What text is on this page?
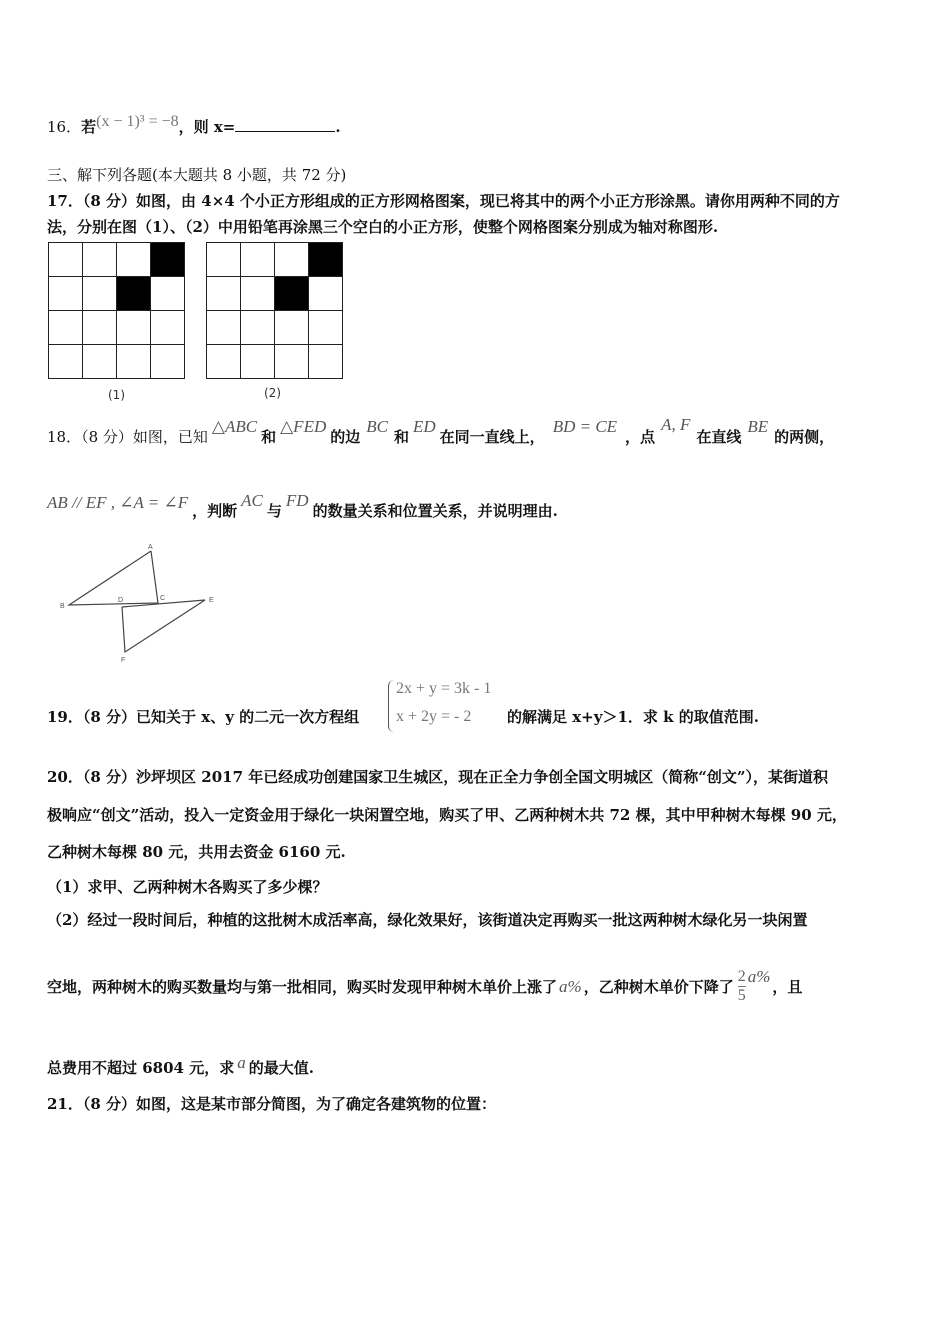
16．若(x − 1)³ = −8，则 x=	.
三、解下列各题(本大题共 8 小题，共 72 分)
17．（8 分）如图，由 4×4 个小正方形组成的正方形网格图案，现已将其中的两个小正方形涂黑。请你用两种不同的方
法，分别在图（1）、（2）中用铅笔再涂黑三个空白的小正方形，使整个网格图案分别成为轴对称图形.

(1)

				(2)
18．（8 分）如图，已知△ABC和△FED的边BC和ED在同一直线上，BD = CE，点A, F在直线BE的两侧，
AB // EF , ∠A = ∠F ，判断AC与FD的数量关系和位置关系，并说明理由.
A
B
D	C	E
F
19．（8 分）已知关于 x、y 的二元一次方程组
2x + y = 3k - 1
x + 2y = - 2 的解满足 x+y＞1．求 k 的取值范围.
20．（8 分）沙坪坝区 2017 年已经成功创建国家卫生城区，现在正全力争创全国文明城区（简称“创文”），某街道积
极响应“创文”活动，投入一定资金用于绿化一块闲置空地，购买了甲、乙两种树木共 72 棵，其中甲种树木每棵 90 元，
乙种树木每棵 80 元，共用去资金 6160 元.
（1）求甲、乙两种树木各购买了多少棵？
（2）经过一段时间后，种植的这批树木成活率高，绿化效果好，该街道决定再购买一批这两种树木绿化另一块闲置
空地，两种树木的购买数量均与第一批相同，购买时发现甲种树木单价上涨了 a% ，乙种树木单价下降了 $\frac{2}{5} a\%$，且
总费用不超过 6804 元，求 a 的最大值.
21．（8 分）如图，这是某市部分简图，为了确定各建筑物的位置：
